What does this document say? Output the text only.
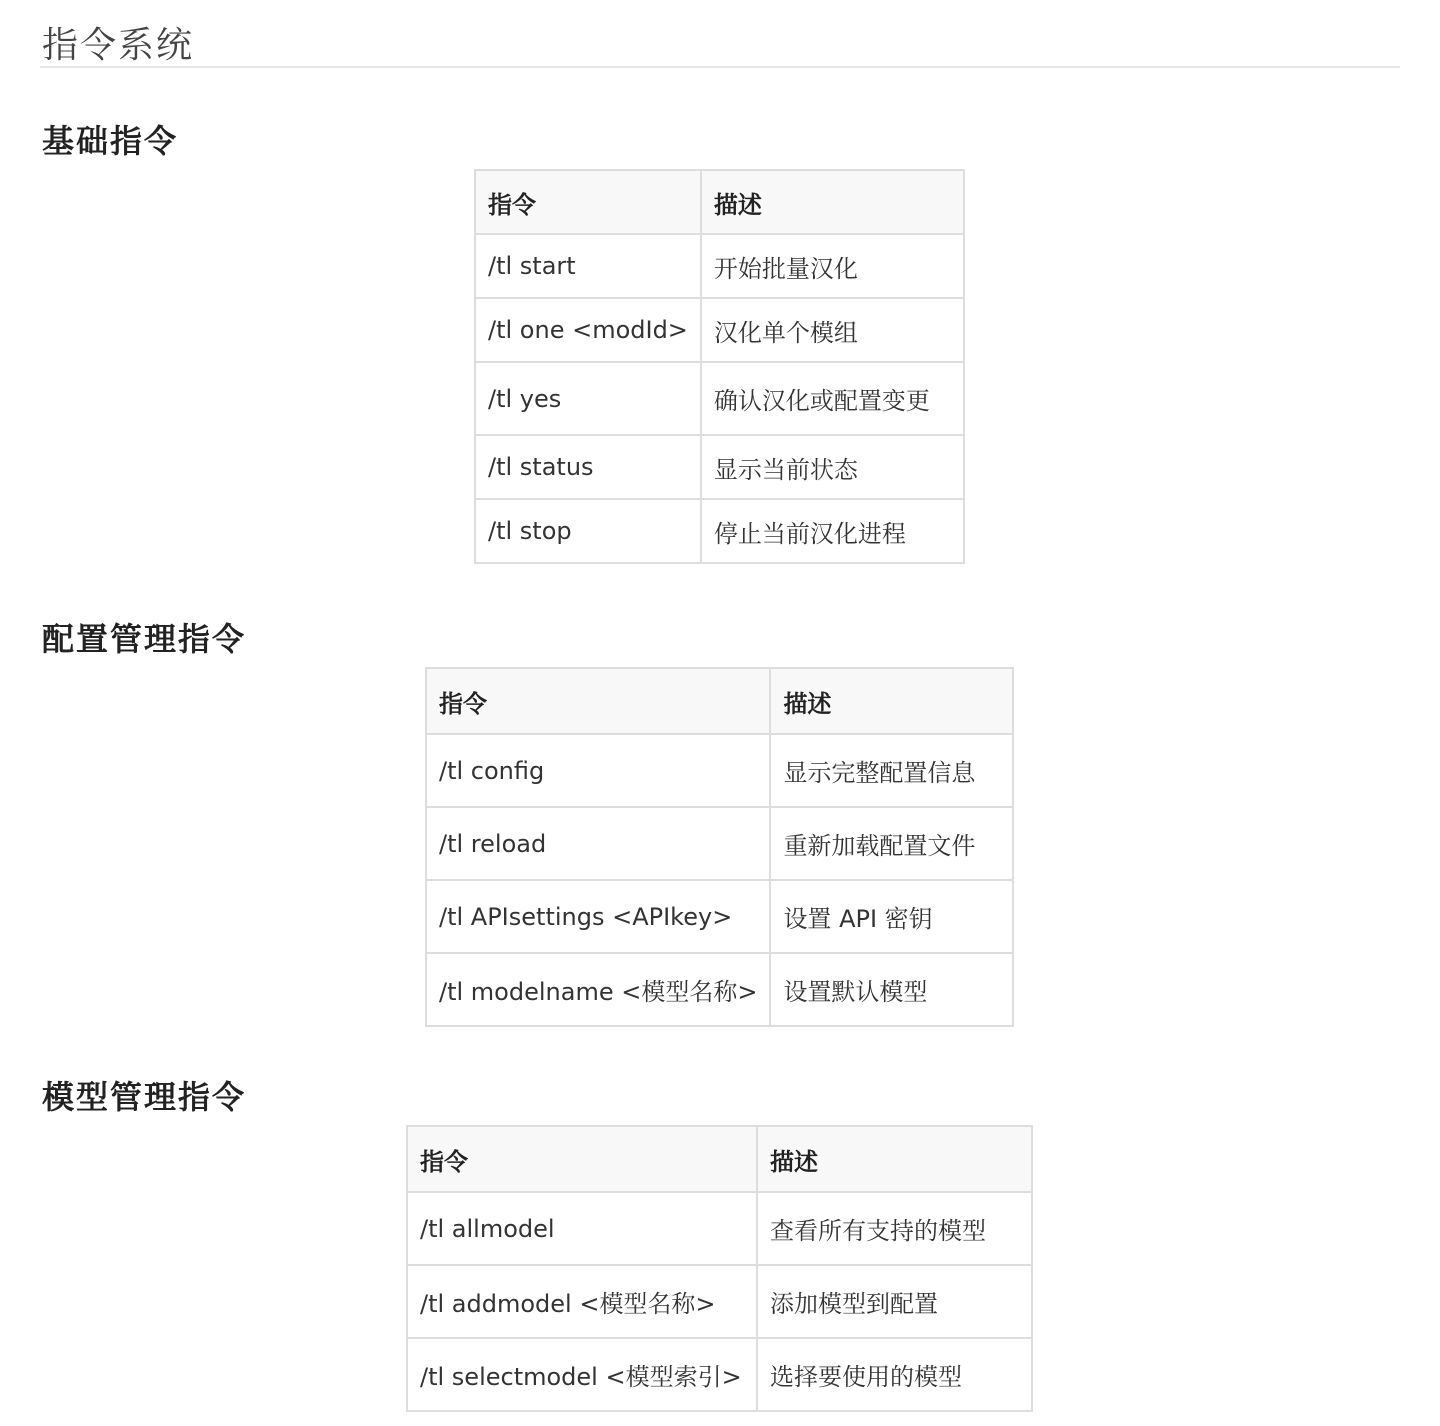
指令系统
基础指令
指令	描述
/tl start	开始批量汉化
/tl one <modId>	汉化单个模组
/tl yes	确认汉化或配置变更
/tl status	显示当前状态
/tl stop	停止当前汉化进程
配置管理指令
指令	描述
/tl config	显示完整配置信息
/tl reload	重新加载配置文件
/tl APIsettings <APIkey>	设置 API 密钥
/tl modelname <模型名称>	设置默认模型
模型管理指令
指令	描述
/tl allmodel	查看所有支持的模型
/tl addmodel <模型名称>	添加模型到配置
/tl selectmodel <模型索引>	选择要使用的模型
